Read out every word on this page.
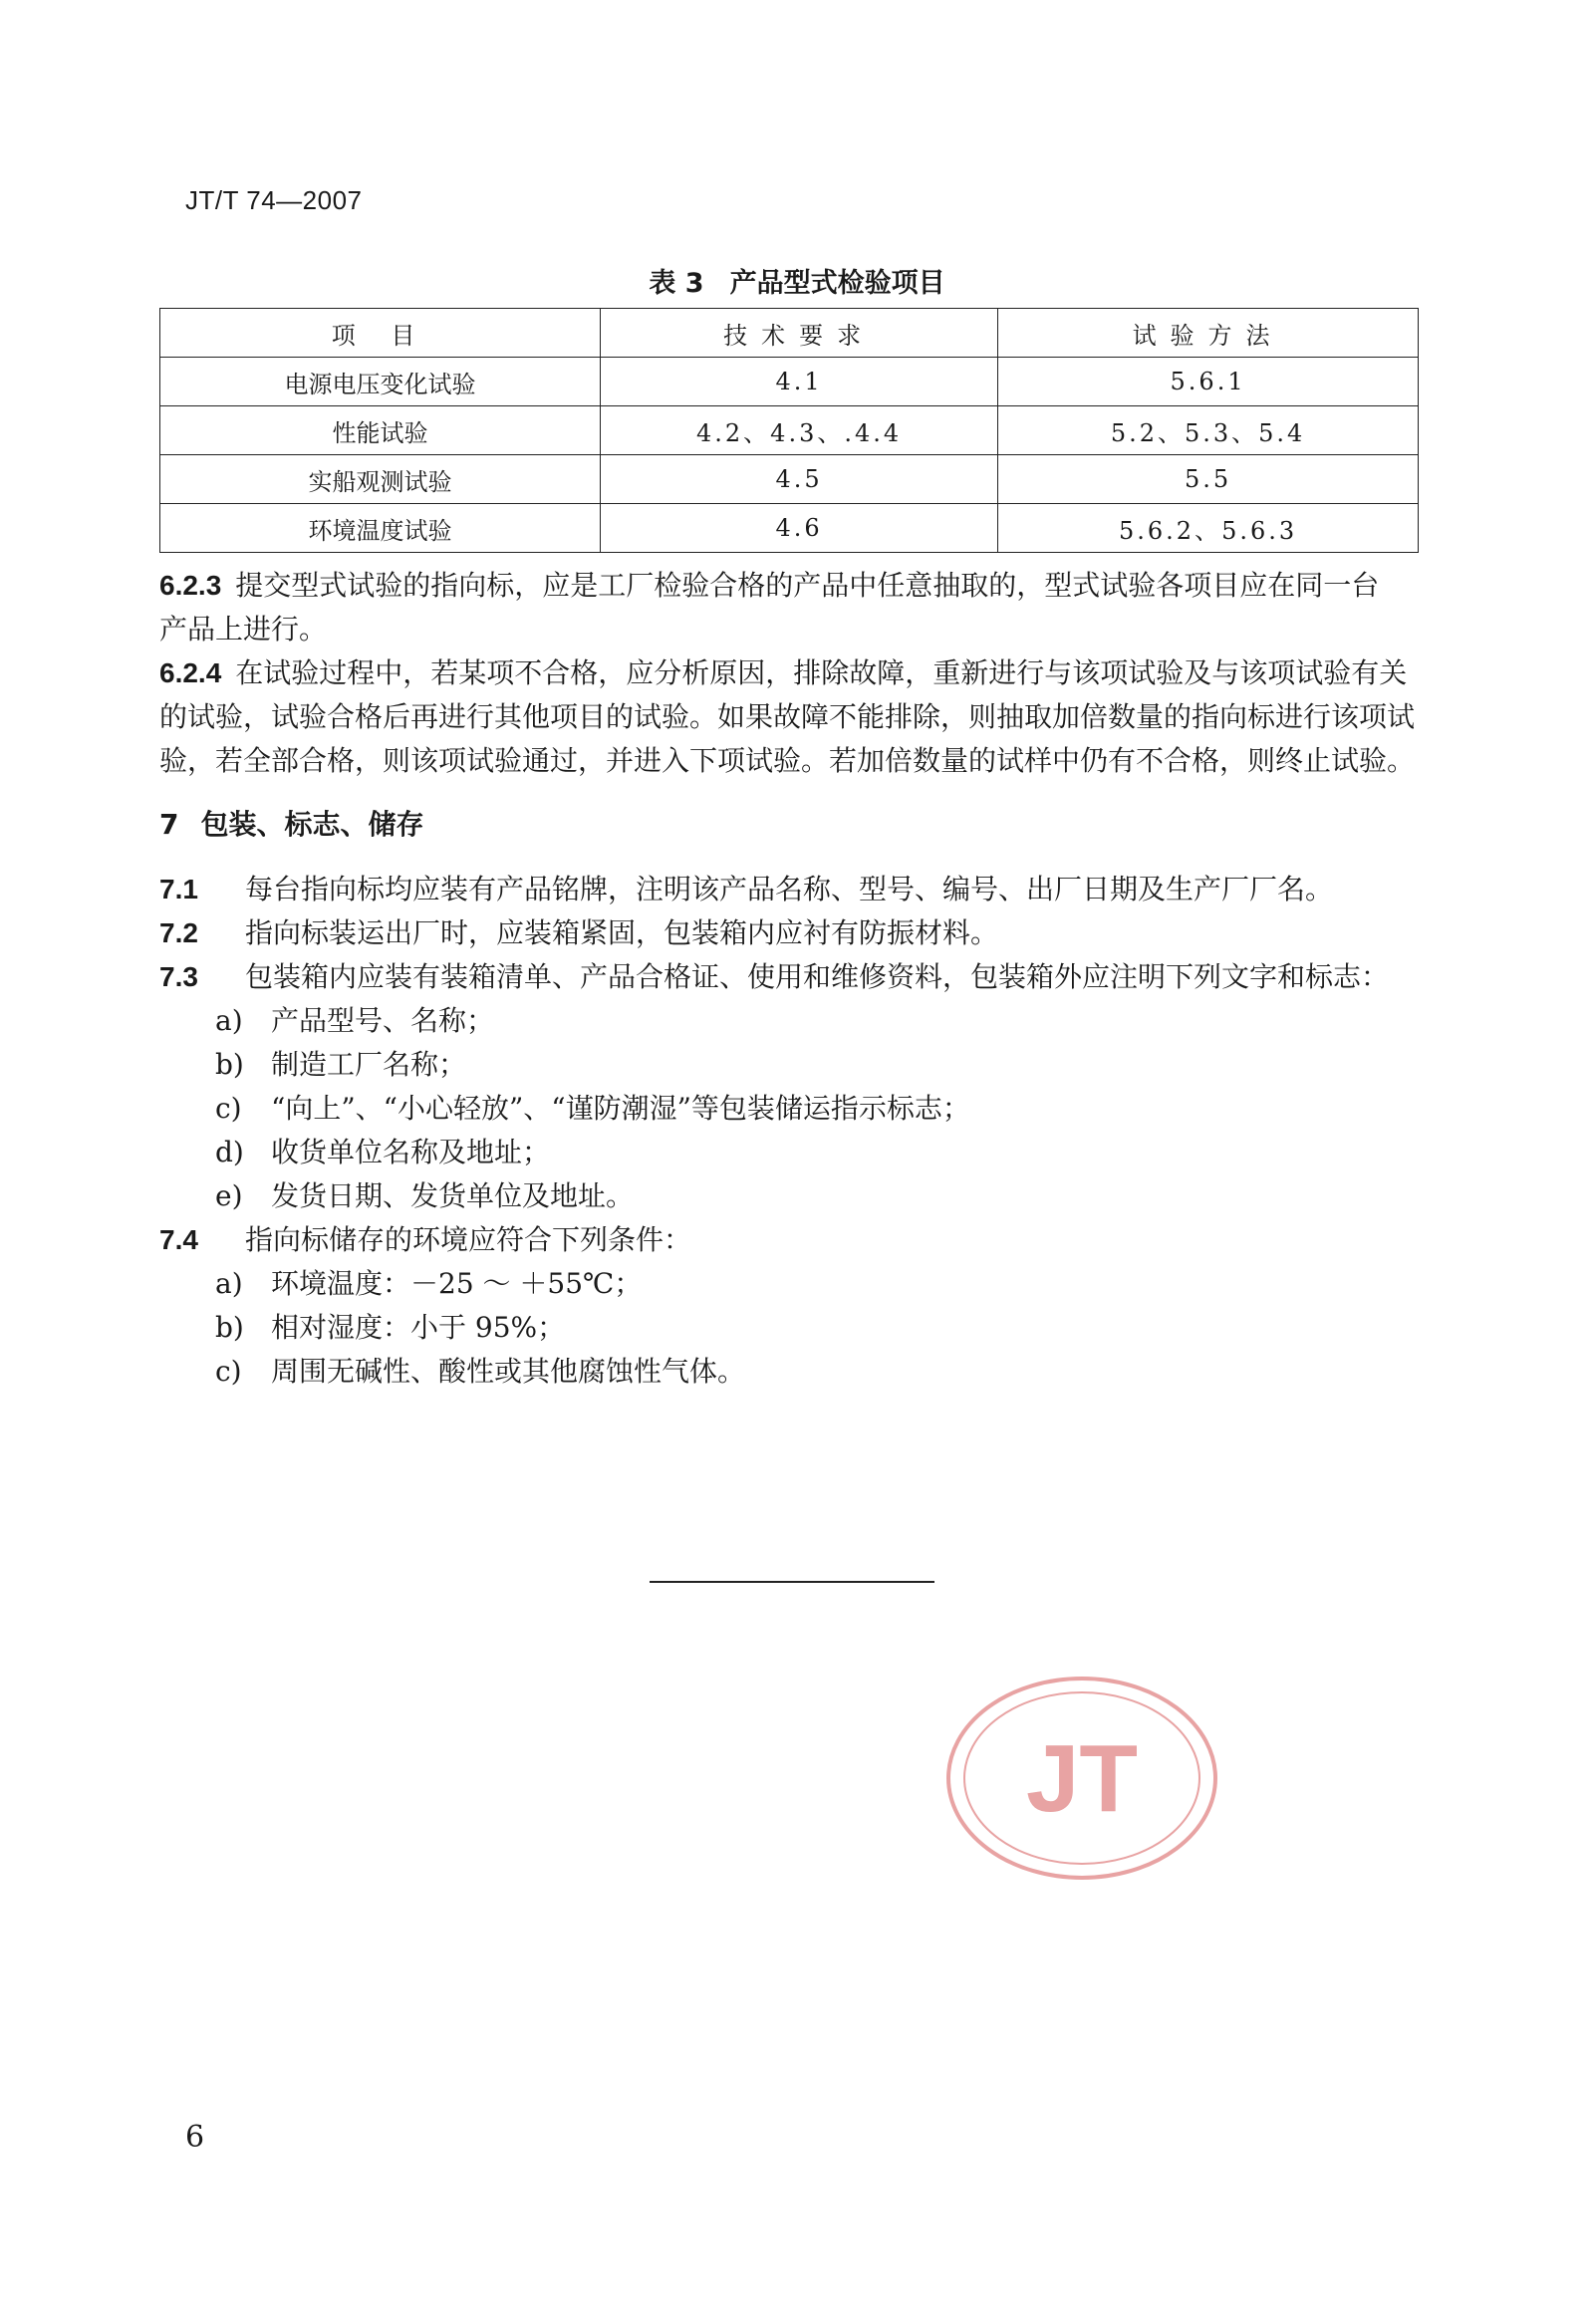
JT/T 74—2007
表 3 产品型式检验项目
项 目	技术要求	试验方法
电源电压变化试验	4.1	5.6.1
性能试验	4.2、4.3、.4.4	5.2、5.3、5.4
实船观测试验	4.5	5.5
环境温度试验	4.6	5.6.2、5.6.3
6.2.3 提交型式试验的指向标，应是工厂检验合格的产品中任意抽取的，型式试验各项目应在同一台
产品上进行。
6.2.4 在试验过程中，若某项不合格，应分析原因，排除故障，重新进行与该项试验及与该项试验有关
的试验，试验合格后再进行其他项目的试验。如果故障不能排除，则抽取加倍数量的指向标进行该项试
验，若全部合格，则该项试验通过，并进入下项试验。若加倍数量的试样中仍有不合格，则终止试验。
7 包装、标志、储存
7.1 每台指向标均应装有产品铭牌，注明该产品名称、型号、编号、出厂日期及生产厂厂名。
7.2 指向标装运出厂时，应装箱紧固，包装箱内应衬有防振材料。
7.3 包装箱内应装有装箱清单、产品合格证、使用和维修资料，包装箱外应注明下列文字和标志：
a) 产品型号、名称；
b) 制造工厂名称；
c) “向上”、“小心轻放”、“谨防潮湿”等包装储运指示标志；
d) 收货单位名称及地址；
e) 发货日期、发货单位及地址。
7.4 指向标储存的环境应符合下列条件：
a) 环境温度：－25 ～ ＋55℃；
b) 相对湿度：小于 95%；
c) 周围无碱性、酸性或其他腐蚀性气体。
JT
6
